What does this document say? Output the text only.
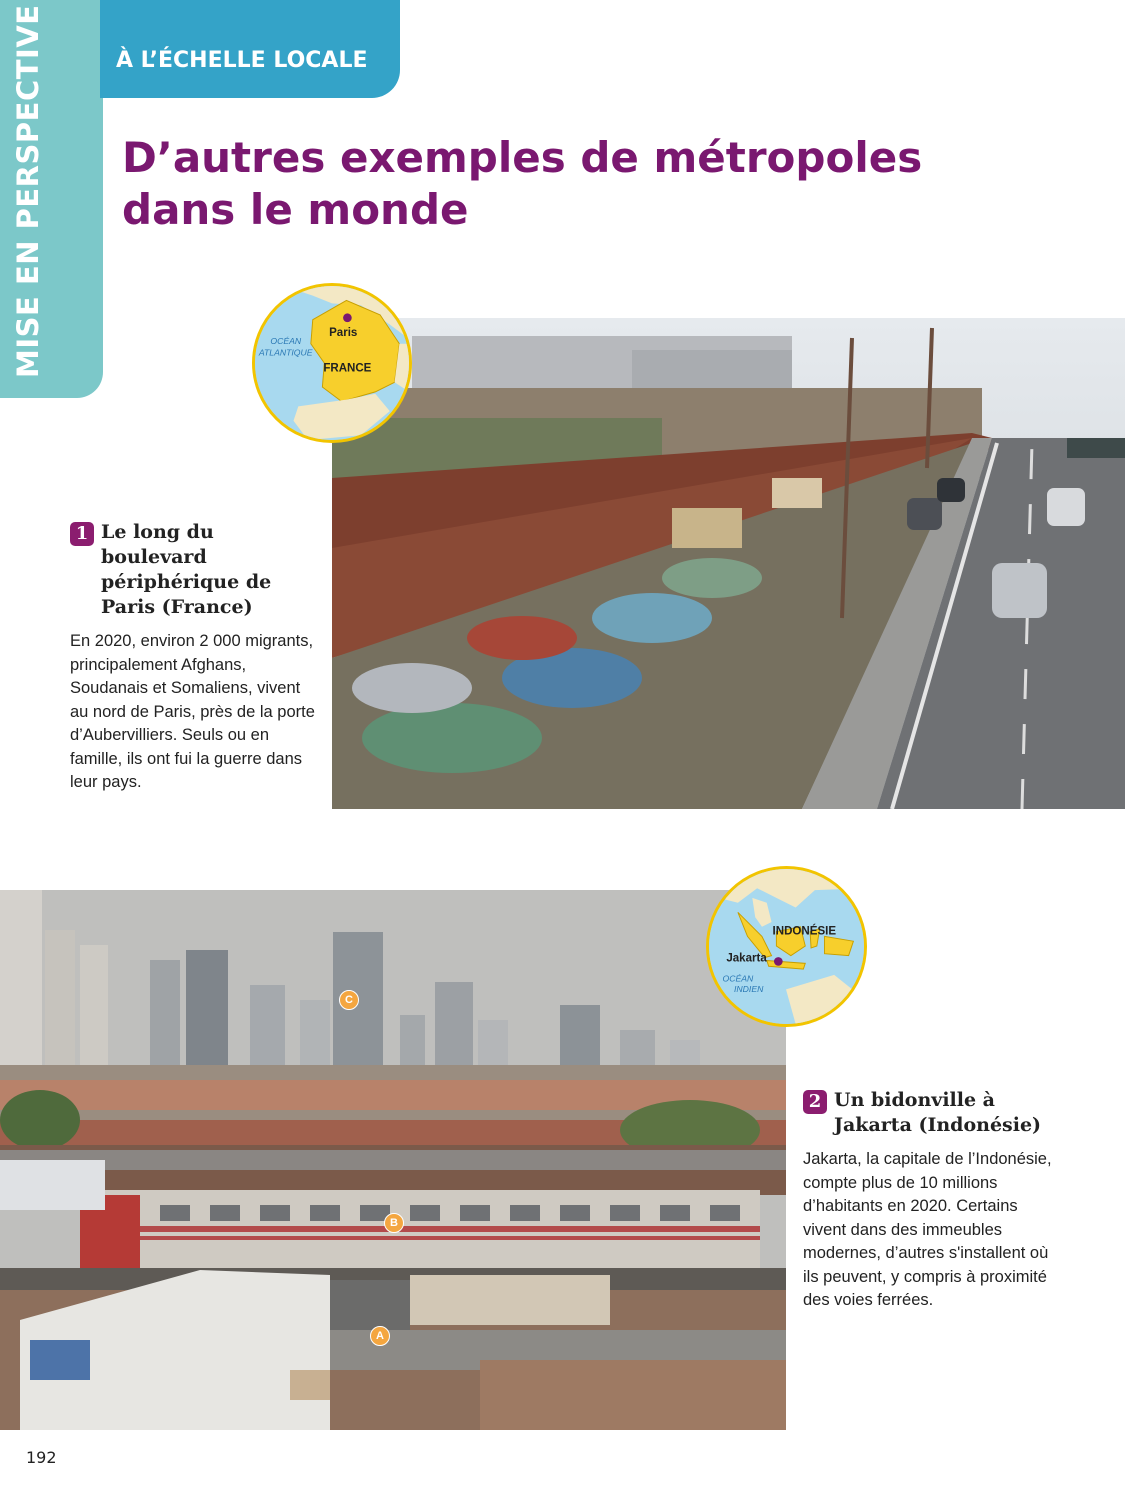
MISE EN PERSPECTIVE	À L’ÉCHELLE LOCALE
D’autres exemples de métropoles dans le monde
Paris
FRANCE
OCÉAN
ATLANTIQUE
1 Le long du boulevard périphérique de Paris (France)

En 2020, environ 2 000 migrants, principalement Afghans, Soudanais et Somaliens, vivent au nord de Paris, près de la porte d’Aubervilliers. Seuls ou en famille, ils ont fui la guerre dans leur pays.

C
B
A
INDONÉSIE
Jakarta
OCÉAN
INDIEN
2 Un bidonville à Jakarta (Indonésie)

Jakarta, la capitale de l’Indonésie, compte plus de 10 millions d’habitants en 2020. Certains vivent dans des immeubles modernes, d’autres s'installent où ils peuvent, y compris à proximité des voies ferrées.

192
